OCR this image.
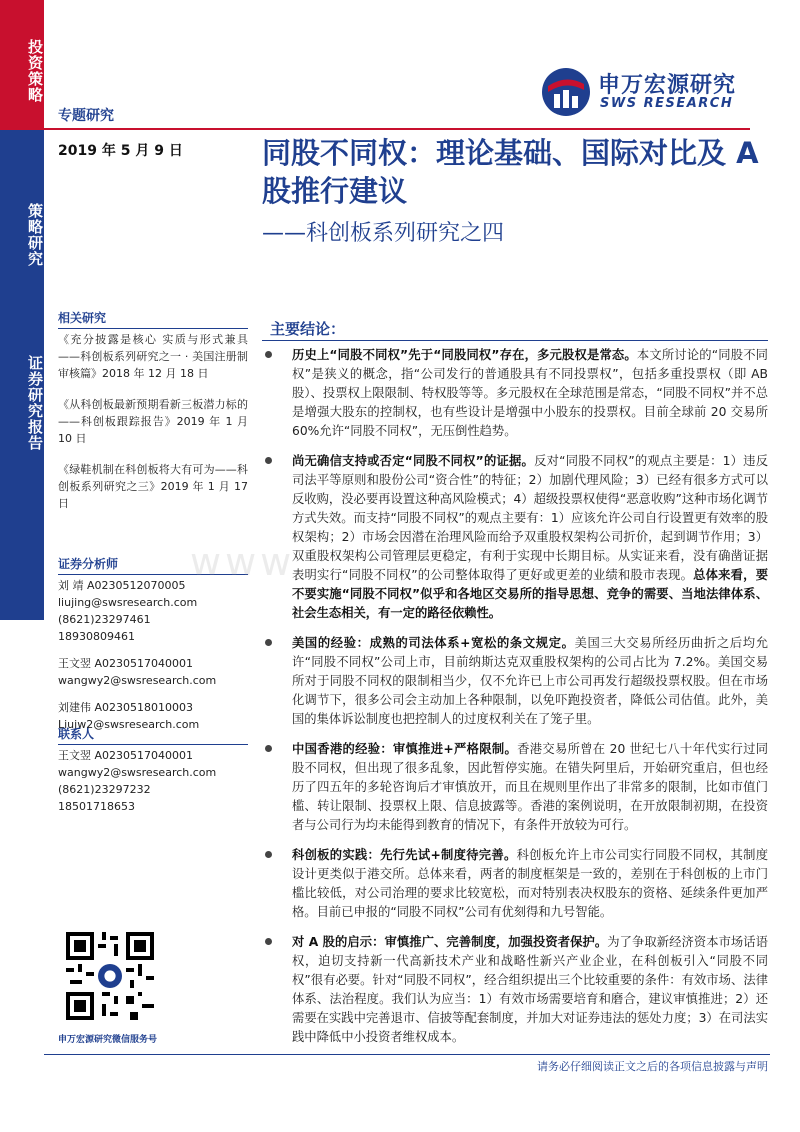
投资策略
策略研究
证券研究报告
申万宏源研究
SWS RESEARCH
专题研究
2019 年 5 月 9 日	同股不同权：理论基础、国际对比及 A 股推行建议
——科创板系列研究之四
相关研究
《充分披露是核心 实质与形式兼具——科创板系列研究之一 · 美国注册制审核篇》2018 年 12 月 18 日
《从科创板最新预期看新三板潜力标的——科创板跟踪报告》2019 年 1 月 10 日
《绿鞋机制在科创板将大有可为——科创板系列研究之三》2019 年 1 月 17 日
证券分析师
刘 靖 A0230512070005
liujing@swsresearch.com
(8621)23297461
18930809461
王文翌 A0230517040001
wangwy2@swsresearch.com
刘建伟 A0230518010003
Liujw2@swsresearch.com
联系人
王文翌 A0230517040001
wangwy2@swsresearch.com
(8621)23297232
18501718653
申万宏源研究微信服务号
www.
主要结论：
历史上“同股不同权”先于“同股同权”存在，多元股权是常态。本文所讨论的“同股不同权”是狭义的概念，指“公司发行的普通股具有不同投票权”，包括多重投票权（即 AB 股）、投票权上限限制、特权股等等。多元股权在全球范围是常态，“同股不同权”并不总是增强大股东的控制权，也有些设计是增强中小股东的投票权。目前全球前 20 交易所 60%允许“同股不同权”，无压倒性趋势。
尚无确信支持或否定“同股不同权”的证据。反对“同股不同权”的观点主要是：1）违反司法平等原则和股份公司“资合性”的特征；2）加剧代理风险；3）已经有很多方式可以反收购，没必要再设置这种高风险模式；4）超级投票权使得“恶意收购”这种市场化调节方式失效。而支持“同股不同权”的观点主要有：1）应该允许公司自行设置更有效率的股权架构；2）市场会因潜在治理风险而给予双重股权架构公司折价，起到调节作用；3）双重股权架构公司管理层更稳定，有利于实现中长期目标。从实证来看，没有确凿证据表明实行“同股不同权”的公司整体取得了更好或更差的业绩和股市表现。总体来看，要不要实施“同股不同权”似乎和各地区交易所的指导思想、竞争的需要、当地法律体系、社会生态相关，有一定的路径依赖性。
美国的经验：成熟的司法体系+宽松的条文规定。美国三大交易所经历曲折之后均允许“同股不同权”公司上市，目前纳斯达克双重股权架构的公司占比为 7.2%。美国交易所对于同股不同权的限制相当少，仅不允许已上市公司再发行超级投票权股。但在市场化调节下，很多公司会主动加上各种限制，以免吓跑投资者，降低公司估值。此外，美国的集体诉讼制度也把控制人的过度权利关在了笼子里。
中国香港的经验：审慎推进+严格限制。香港交易所曾在 20 世纪七八十年代实行过同股不同权，但出现了很多乱象，因此暂停实施。在错失阿里后，开始研究重启，但也经历了四五年的多轮咨询后才审慎放开，而且在规则里作出了非常多的限制，比如市值门槛、转让限制、投票权上限、信息披露等。香港的案例说明，在开放限制初期，在投资者与公司行为均未能得到教育的情况下，有条件开放较为可行。
科创板的实践：先行先试+制度待完善。科创板允许上市公司实行同股不同权，其制度设计更类似于港交所。总体来看，两者的制度框架是一致的，差别在于科创板的上市门槛比较低，对公司治理的要求比较宽松，而对特别表决权股东的资格、延续条件更加严格。目前已申报的“同股不同权”公司有优刻得和九号智能。
对 A 股的启示：审慎推广、完善制度，加强投资者保护。为了争取新经济资本市场话语权，迫切支持新一代高新技术产业和战略性新兴产业企业，在科创板引入“同股不同权”很有必要。针对“同股不同权”，经合组织提出三个比较重要的条件：有效市场、法律体系、法治程度。我们认为应当：1）有效市场需要培育和磨合，建议审慎推进；2）还需要在实践中完善退市、信披等配套制度，并加大对证券违法的惩处力度；3）在司法实践中降低中小投资者维权成本。
请务必仔细阅读正文之后的各项信息披露与声明
